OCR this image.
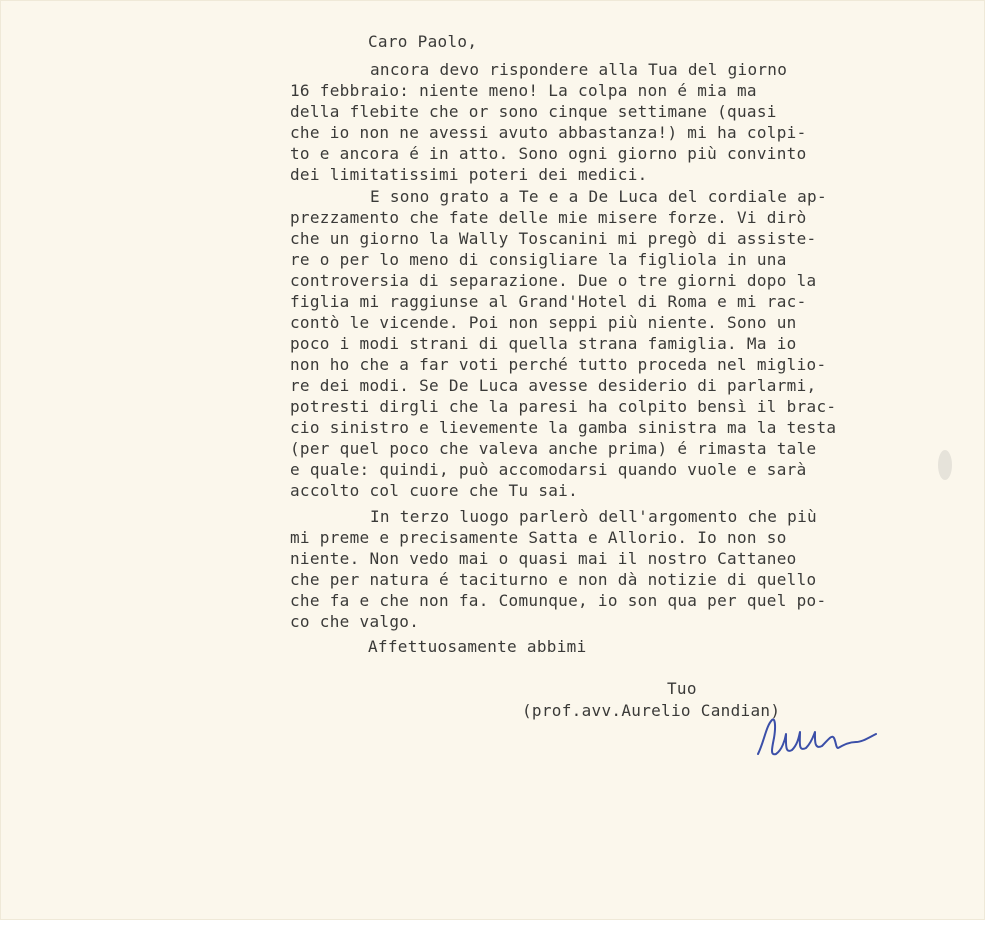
Caro Paolo,

ancora devo rispondere alla Tua del giorno

16 febbraio: niente meno! La colpa non é mia ma

della flebite che or sono cinque settimane (quasi

che io non ne avessi avuto abbastanza!) mi ha colpi-

to e ancora é in atto. Sono ogni giorno più convinto

dei limitatissimi poteri dei medici.

E sono grato a Te e a De Luca del cordiale ap-

prezzamento che fate delle mie misere forze. Vi dirò

che un giorno la Wally Toscanini mi pregò di assiste-

re o per lo meno di consigliare la figliola in una

controversia di separazione. Due o tre giorni dopo la

figlia mi raggiunse al Grand'Hotel di Roma e mi rac-

contò le vicende. Poi non seppi più niente. Sono un

poco i modi strani di quella strana famiglia. Ma io

non ho che a far voti perché tutto proceda nel miglio-

re dei modi. Se De Luca avesse desiderio di parlarmi,

potresti dirgli che la paresi ha colpito bensì il brac-

cio sinistro e lievemente la gamba sinistra ma la testa

(per quel poco che valeva anche prima) é rimasta tale

e quale: quindi, può accomodarsi quando vuole e sarà

accolto col cuore che Tu sai.

In terzo luogo parlerò dell'argomento che più

mi preme e precisamente Satta e Allorio. Io non so

niente. Non vedo mai o quasi mai il nostro Cattaneo

che per natura é taciturno e non dà notizie di quello

che fa e che non fa. Comunque, io son qua per quel po-

co che valgo.

Affettuosamente abbimi

Tuo

(prof.avv.Aurelio Candian)
